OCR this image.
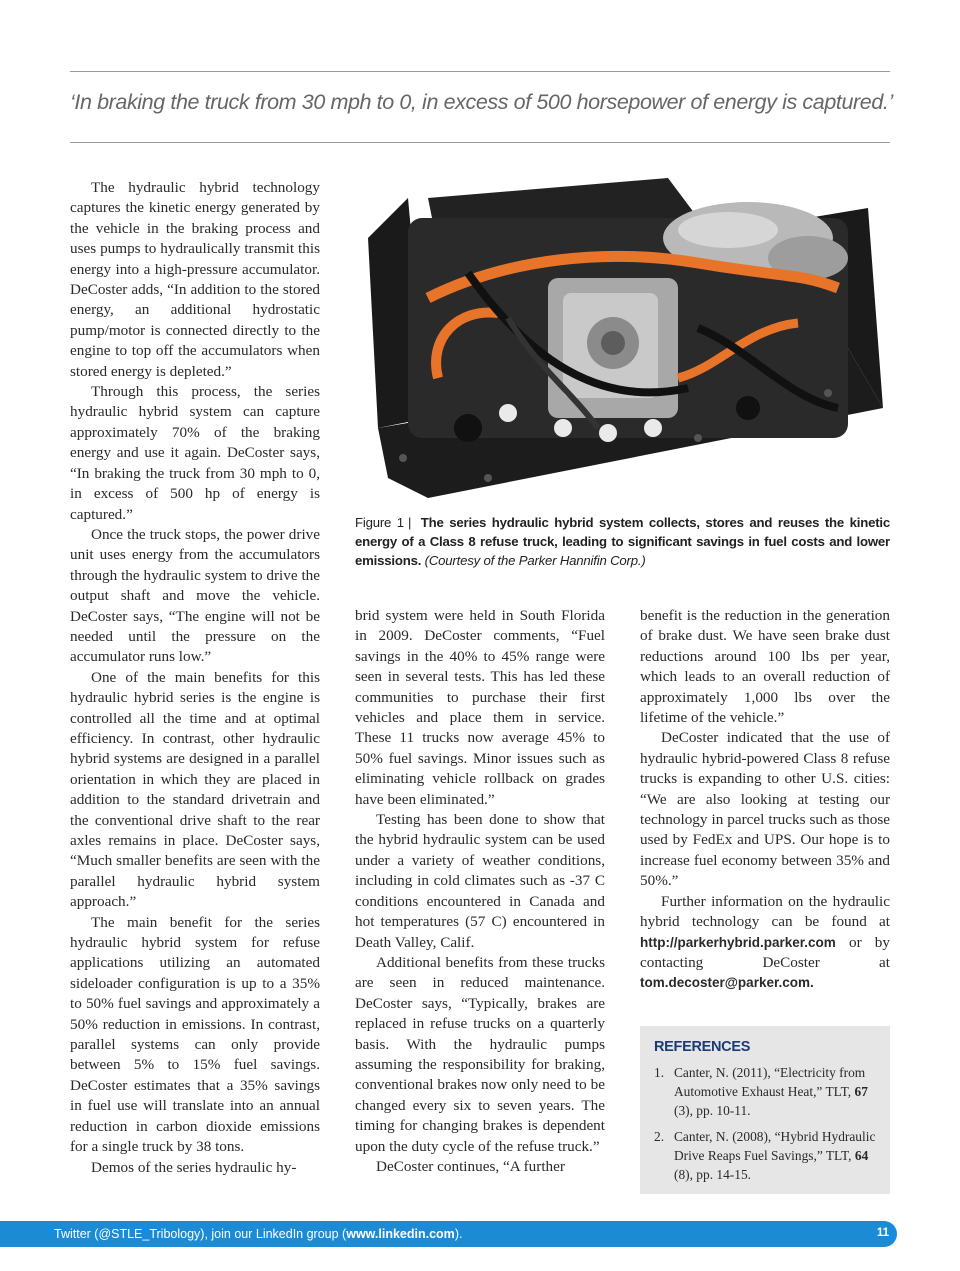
‘In braking the truck from 30 mph to 0, in excess of 500 horsepower of energy is captured.’

The hydraulic hybrid technology captures the kinetic energy generated by the vehicle in the braking process and uses pumps to hydraulically transmit this energy into a high-pressure accumulator. DeCoster adds, “In addition to the stored energy, an additional hydrostatic pump/motor is connected directly to the engine to top off the accumulators when stored energy is depleted.”

Through this process, the series hydraulic hybrid system can capture approximately 70% of the braking energy and use it again. DeCoster says, “In braking the truck from 30 mph to 0, in excess of 500 hp of energy is captured.”

Once the truck stops, the power drive unit uses energy from the accumulators through the hydraulic system to drive the output shaft and move the vehicle. DeCoster says, “The engine will not be needed until the pressure on the accumulator runs low.”

One of the main benefits for this hydraulic hybrid series is the engine is controlled all the time and at optimal efficiency. In contrast, other hydraulic hybrid systems are designed in a parallel orientation in which they are placed in addition to the standard drivetrain and the conventional drive shaft to the rear axles remains in place. DeCoster says, “Much smaller benefits are seen with the parallel hydraulic hybrid system approach.”

The main benefit for the series hydraulic hybrid system for refuse applications utilizing an automated sideloader configuration is up to a 35% to 50% fuel savings and approximately a 50% reduction in emissions. In contrast, parallel systems can only provide between 5% to 15% fuel savings. DeCoster estimates that a 35% savings in fuel use will translate into an annual reduction in carbon dioxide emissions for a single truck by 38 tons.

Demos of the series hydraulic hy-

Figure 1 | The series hydraulic hybrid system collects, stores and reuses the kinetic energy of a Class 8 refuse truck, leading to significant savings in fuel costs and lower emissions. (Courtesy of the Parker Hannifin Corp.)

brid system were held in South Florida in 2009. DeCoster comments, “Fuel savings in the 40% to 45% range were seen in several tests. This has led these communities to purchase their first vehicles and place them in service. These 11 trucks now average 45% to 50% fuel savings. Minor issues such as eliminating vehicle rollback on grades have been eliminated.”

Testing has been done to show that the hybrid hydraulic system can be used under a variety of weather conditions, including in cold climates such as -37 C conditions encountered in Canada and hot temperatures (57 C) encountered in Death Valley, Calif.

Additional benefits from these trucks are seen in reduced maintenance. DeCoster says, “Typically, brakes are replaced in refuse trucks on a quarterly basis. With the hydraulic pumps assuming the responsibility for braking, conventional brakes now only need to be changed every six to seven years. The timing for changing brakes is dependent upon the duty cycle of the refuse truck.”

DeCoster continues, “A further

benefit is the reduction in the generation of brake dust. We have seen brake dust reductions around 100 lbs per year, which leads to an overall reduction of approximately 1,000 lbs over the lifetime of the vehicle.”

DeCoster indicated that the use of hydraulic hybrid-powered Class 8 refuse trucks is expanding to other U.S. cities: “We are also looking at testing our technology in parcel trucks such as those used by FedEx and UPS. Our hope is to increase fuel economy between 35% and 50%.”

Further information on the hydraulic hybrid technology can be found at http://parkerhybrid.parker.com or by contacting DeCoster at tom.decoster@parker.com.

REFERENCES
1. Canter, N. (2011), “Electricity from Automotive Exhaust Heat,” TLT, 67 (3), pp. 10-11.
2. Canter, N. (2008), “Hybrid Hydraulic Drive Reaps Fuel Savings,” TLT, 64 (8), pp. 14-15.
Twitter (@STLE_Tribology), join our LinkedIn group (www.linkedin.com).	11
